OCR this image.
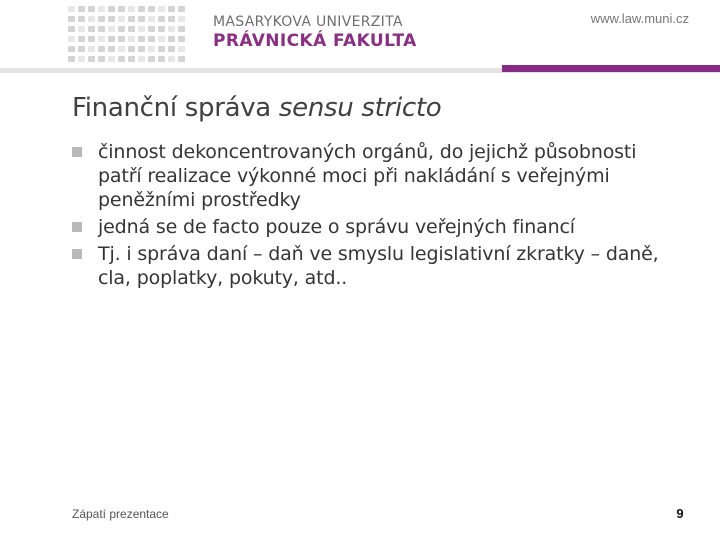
MASARYKOVA UNIVERZITA
PRÁVNICKÁ FAKULTA
www.law.muni.cz
Finanční správa sensu stricto
činnost dekoncentrovaných orgánů, do jejichž působnosti patří realizace výkonné moci při nakládání s veřejnými peněžními prostředky
jedná se de facto pouze o správu veřejných financí
Tj. i správa daní – daň ve smyslu legislativní zkratky – daně, cla, poplatky, pokuty, atd..
Zápatí prezentace	9
